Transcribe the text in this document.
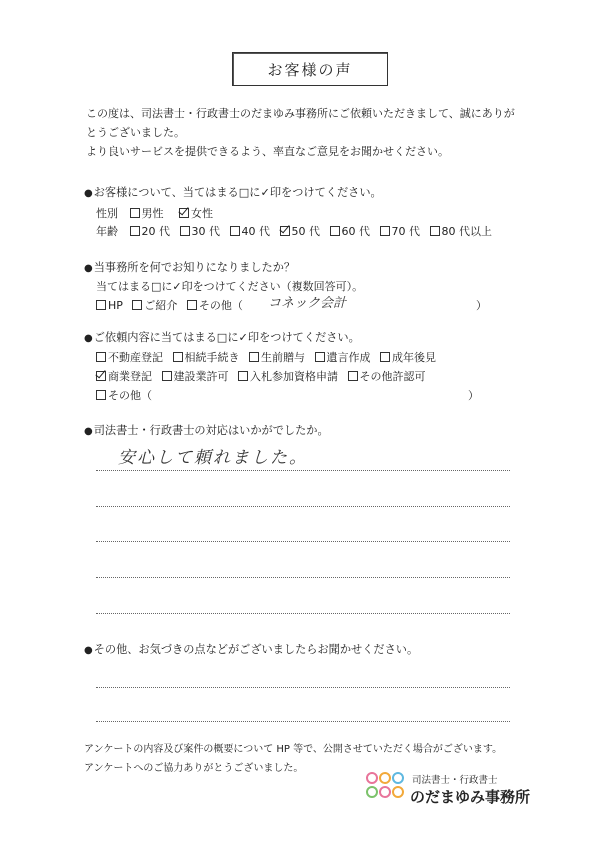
お客様の声
この度は、司法書士・行政書士のだまゆみ事務所にご依頼いただきまして、誠にありが
とうございました。
より良いサービスを提供できるよう、率直なご意見をお聞かせください。
●お客様について、当てはまる□に✓印をつけてください。
性別 男性	女性
年齢 20 代 30 代 40 代 50 代 60 代 70 代 80 代以上
●当事務所を何でお知りになりましたか？
当てはまる□に✓印をつけてください（複数回答可）。
HP ご紹介 その他（	コネック会計	）
●ご依頼内容に当てはまる□に✓印をつけてください。
不動産登記 相続手続き 生前贈与 遺言作成 成年後見
商業登記 建設業許可 入札参加資格申請 その他許認可
その他（	）
●司法書士・行政書士の対応はいかがでしたか。
安心して頼れました。
●その他、お気づきの点などがございましたらお聞かせください。
アンケートの内容及び案件の概要について HP 等で、公開させていただく場合がございます。
アンケートへのご協力ありがとうございました。
司法書士・行政書士
のだまゆみ事務所
